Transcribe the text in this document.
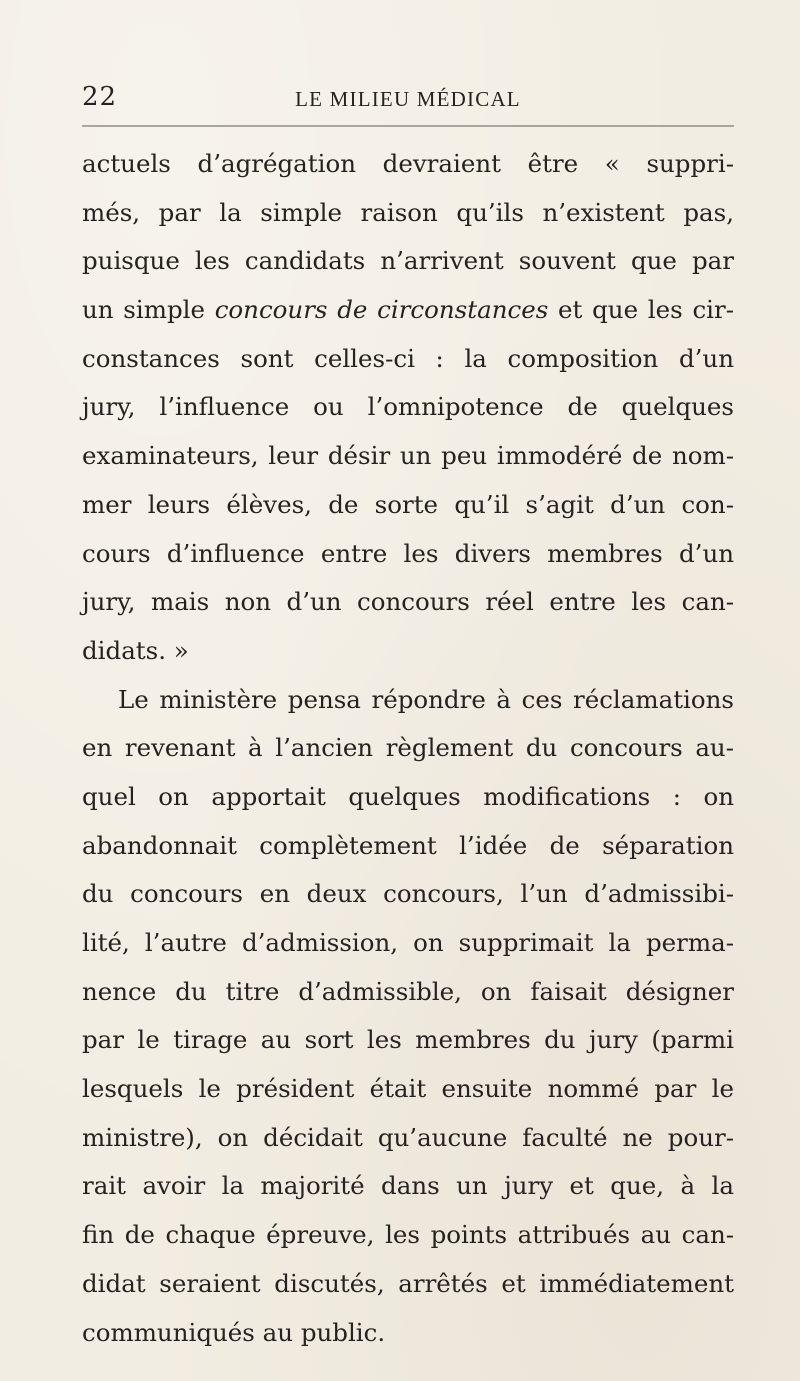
22	LE MILIEU MÉDICAL
actuels d’agrégation devraient être « suppri-
més, par la simple raison qu’ils n’existent pas,
puisque les candidats n’arrivent souvent que par
un simple concours de circonstances et que les cir-
constances sont celles-ci : la composition d’un
jury, l’influence ou l’omnipotence de quelques
examinateurs, leur désir un peu immodéré de nom-
mer leurs élèves, de sorte qu’il s’agit d’un con-
cours d’influence entre les divers membres d’un
jury, mais non d’un concours réel entre les can-
didats. »
Le ministère pensa répondre à ces réclamations
en revenant à l’ancien règlement du concours au-
quel on apportait quelques modifications : on
abandonnait complètement l’idée de séparation
du concours en deux concours, l’un d’admissibi-
lité, l’autre d’admission, on supprimait la perma-
nence du titre d’admissible, on faisait désigner
par le tirage au sort les membres du jury (parmi
lesquels le président était ensuite nommé par le
ministre), on décidait qu’aucune faculté ne pour-
rait avoir la majorité dans un jury et que, à la
fin de chaque épreuve, les points attribués au can-
didat seraient discutés, arrêtés et immédiatement
communiqués au public.
